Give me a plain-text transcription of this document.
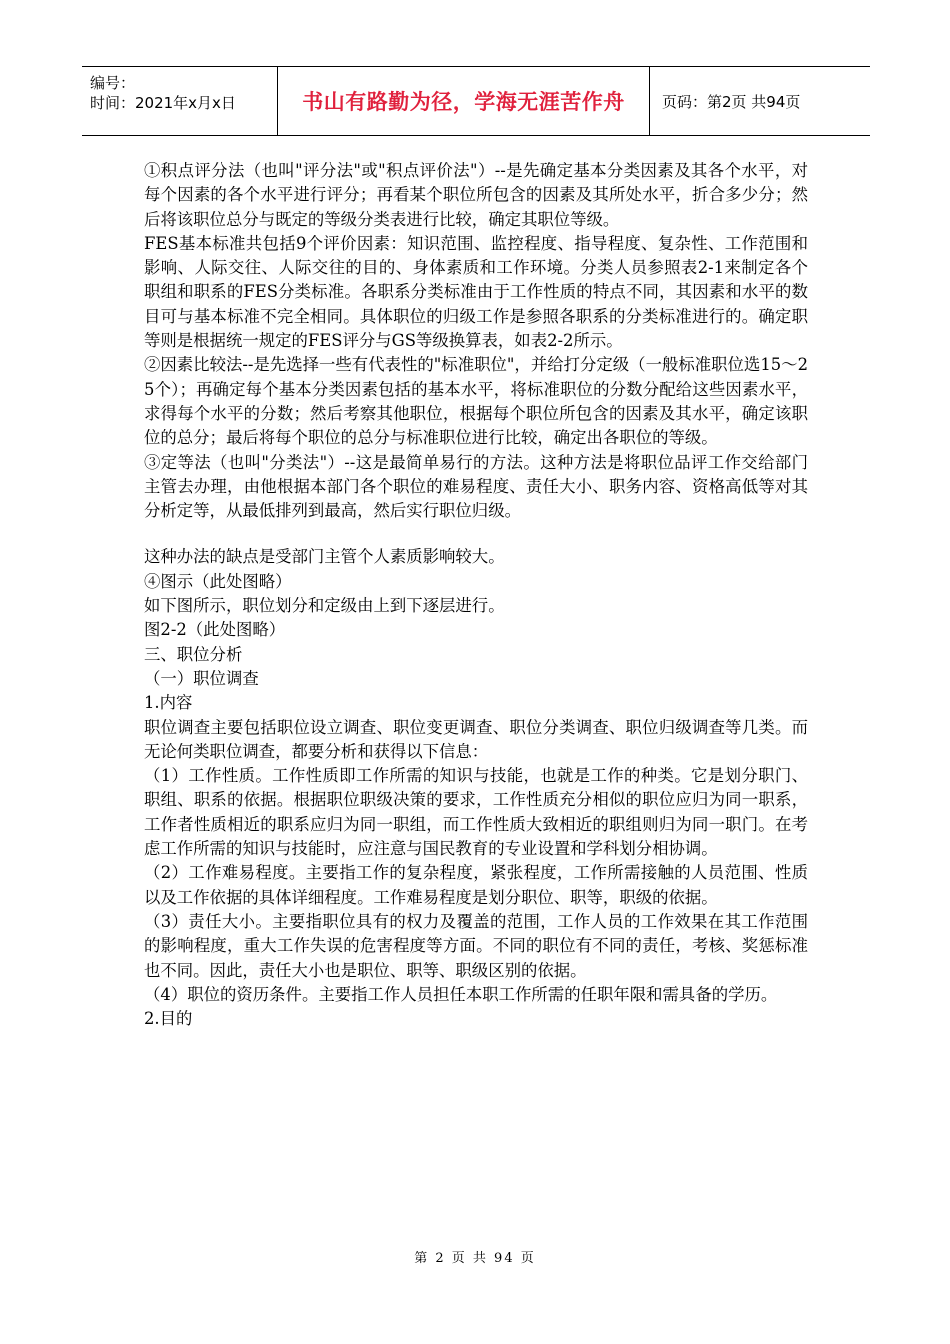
编号：
时间：2021年x月x日	书山有路勤为径，学海无涯苦作舟	页码：第2页 共94页

①积点评分法（也叫"评分法"或"积点评价法"）--是先确定基本分类因素及其各个水平，对每个因素的各个水平进行评分；再看某个职位所包含的因素及其所处水平，折合多少分；然后将该职位总分与既定的等级分类表进行比较，确定其职位等级。

FES基本标准共包括9个评价因素：知识范围、监控程度、指导程度、复杂性、工作范围和影响、人际交往、人际交往的目的、身体素质和工作环境。分类人员参照表2-1来制定各个职组和职系的FES分类标准。各职系分类标准由于工作性质的特点不同，其因素和水平的数目可与基本标准不完全相同。具体职位的归级工作是参照各职系的分类标准进行的。确定职等则是根据统一规定的FES评分与GS等级换算表，如表2-2所示。

②因素比较法--是先选择一些有代表性的"标准职位"，并给打分定级（一般标准职位选15～25个）；再确定每个基本分类因素包括的基本水平，将标准职位的分数分配给这些因素水平，求得每个水平的分数；然后考察其他职位，根据每个职位所包含的因素及其水平，确定该职位的总分；最后将每个职位的总分与标准职位进行比较，确定出各职位的等级。

③定等法（也叫"分类法"）--这是最简单易行的方法。这种方法是将职位品评工作交给部门主管去办理，由他根据本部门各个职位的难易程度、责任大小、职务内容、资格高低等对其分析定等，从最低排列到最高，然后实行职位归级。

这种办法的缺点是受部门主管个人素质影响较大。

④图示（此处图略）

如下图所示，职位划分和定级由上到下逐层进行。

图2-2（此处图略）

三、职位分析

（一）职位调查

1.内容

职位调查主要包括职位设立调查、职位变更调查、职位分类调查、职位归级调查等几类。而无论何类职位调查，都要分析和获得以下信息：

（1）工作性质。工作性质即工作所需的知识与技能，也就是工作的种类。它是划分职门、职组、职系的依据。根据职位职级决策的要求，工作性质充分相似的职位应归为同一职系，工作者性质相近的职系应归为同一职组，而工作性质大致相近的职组则归为同一职门。在考虑工作所需的知识与技能时，应注意与国民教育的专业设置和学科划分相协调。

（2）工作难易程度。主要指工作的复杂程度，紧张程度，工作所需接触的人员范围、性质以及工作依据的具体详细程度。工作难易程度是划分职位、职等，职级的依据。

（3）责任大小。主要指职位具有的权力及覆盖的范围，工作人员的工作效果在其工作范围的影响程度，重大工作失误的危害程度等方面。不同的职位有不同的责任，考核、奖惩标准也不同。因此，责任大小也是职位、职等、职级区别的依据。

（4）职位的资历条件。主要指工作人员担任本职工作所需的任职年限和需具备的学历。

2.目的

第 2 页 共 94 页
